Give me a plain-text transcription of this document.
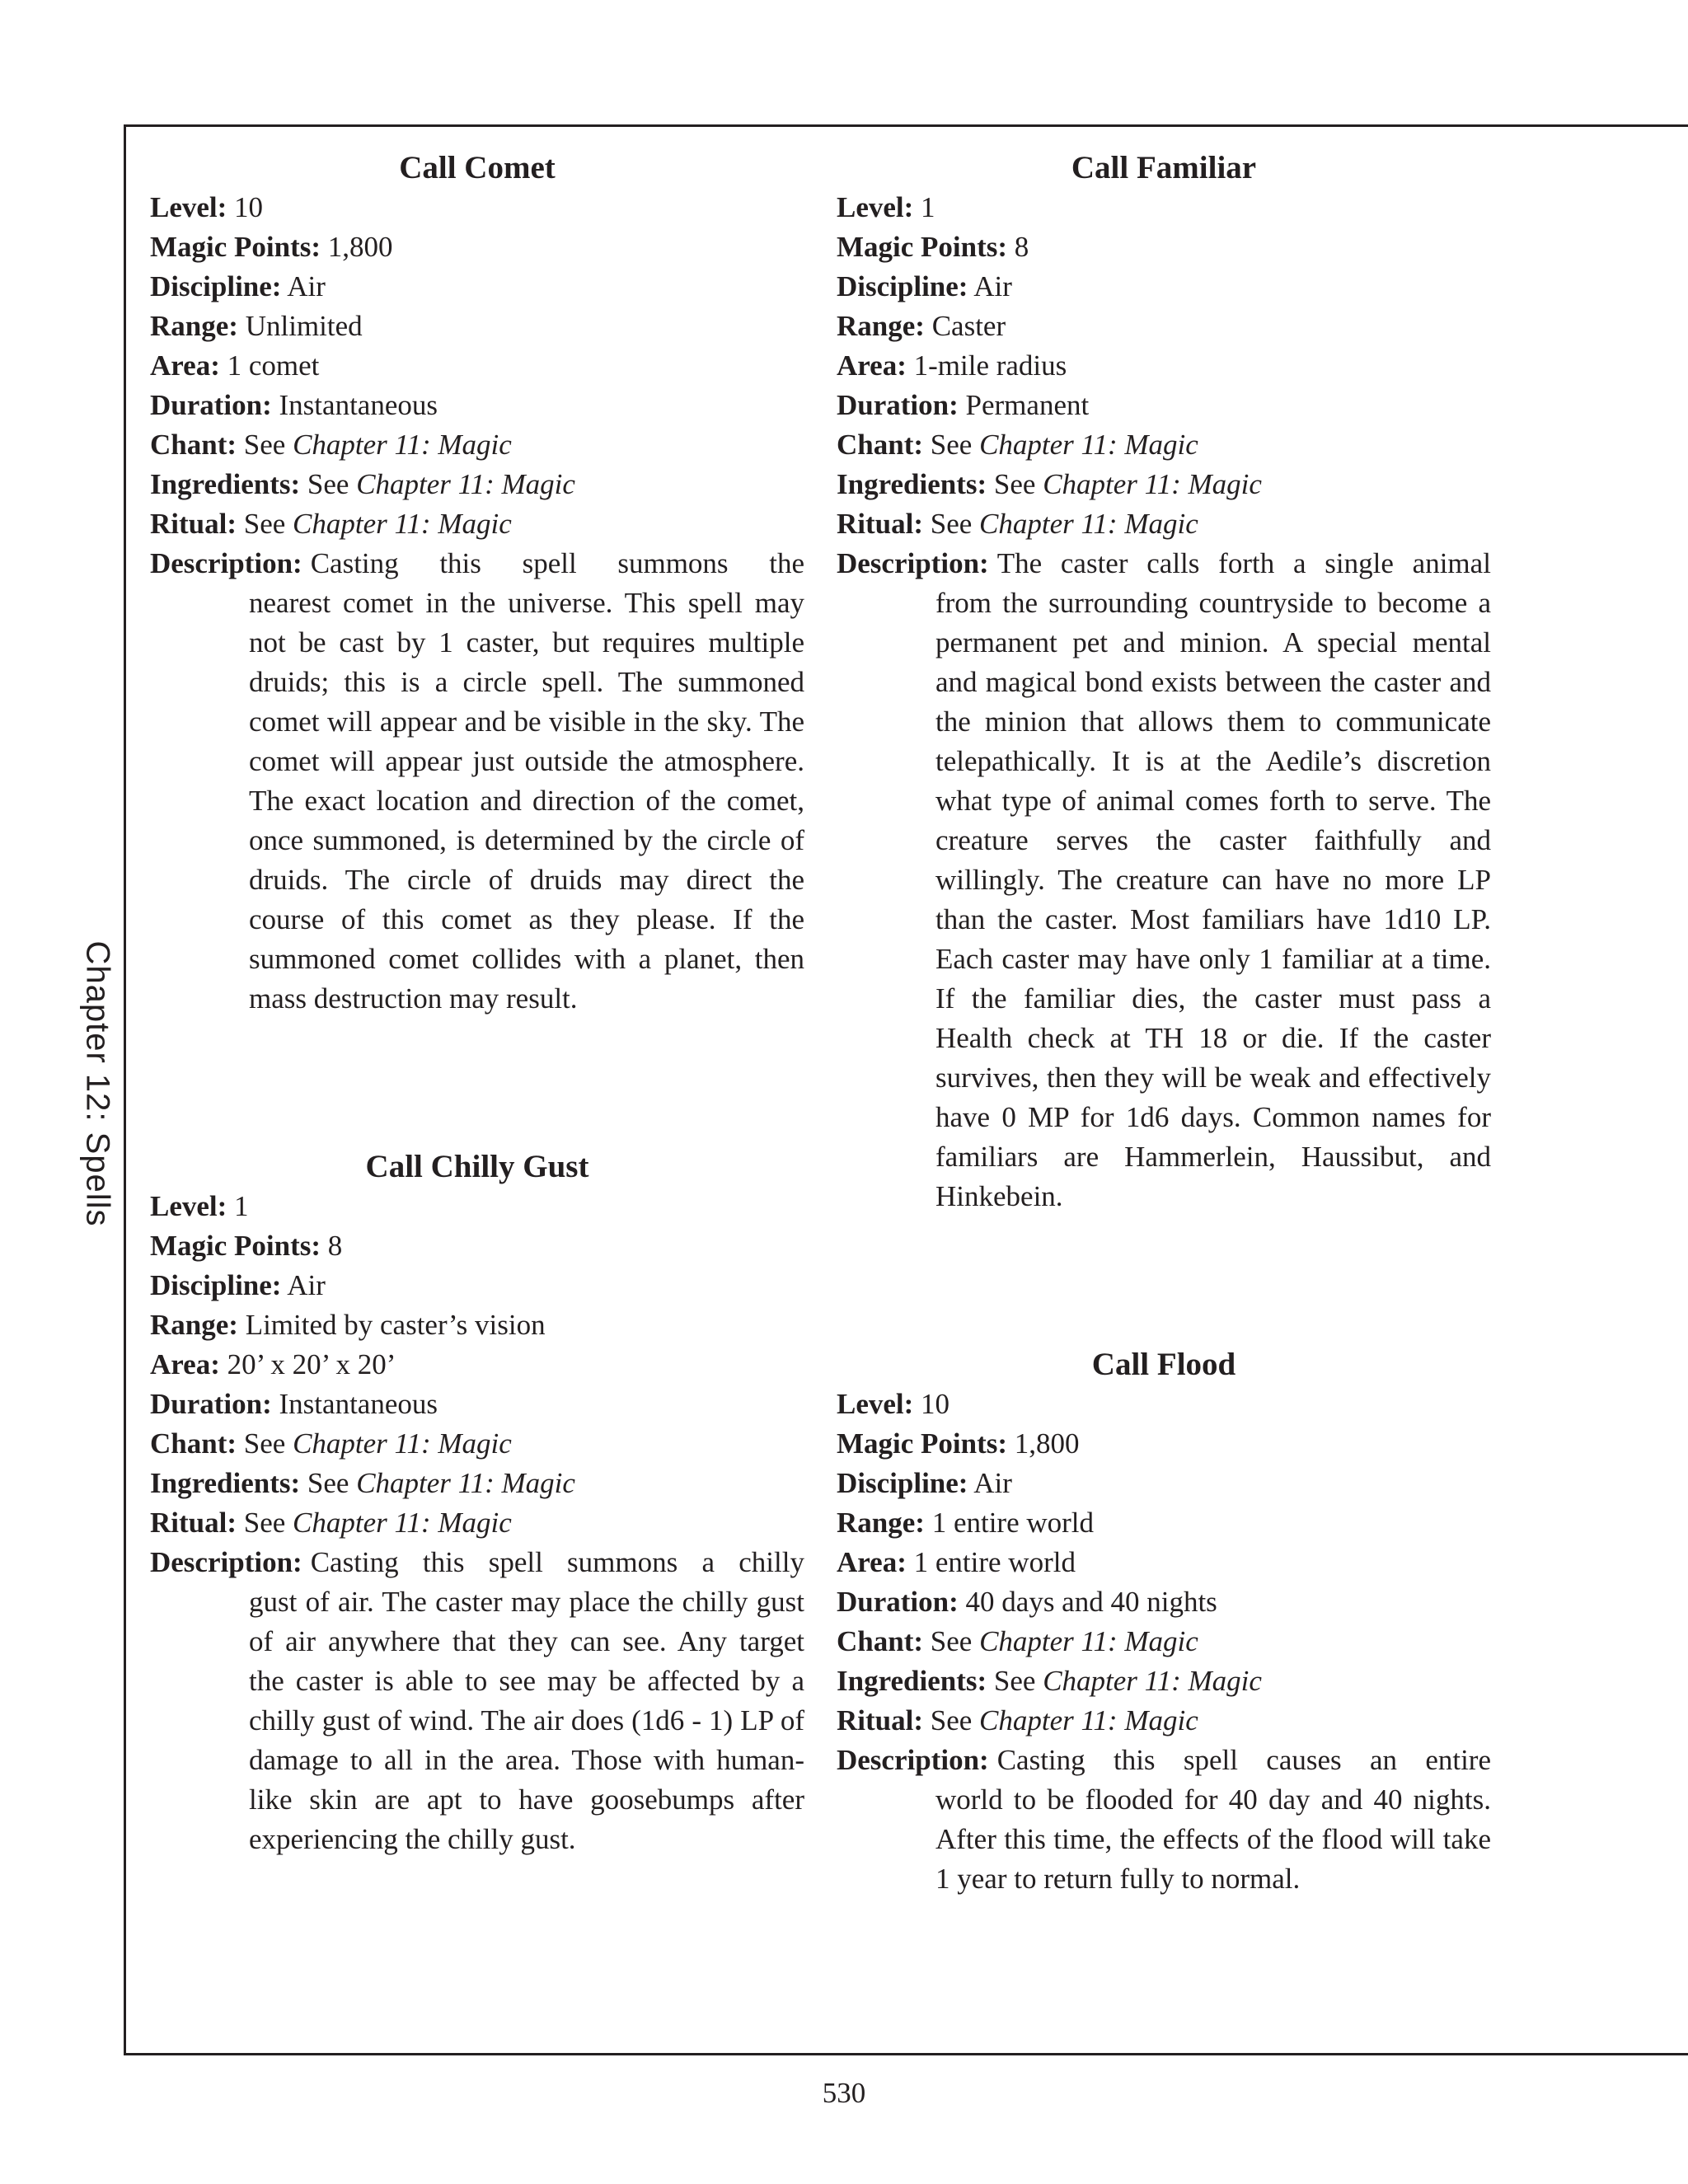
Chapter 12: Spells
Call Comet
Level: 10
Magic Points: 1,800
Discipline: Air
Range: Unlimited
Area: 1 comet
Duration: Instantaneous
Chant: See Chapter 11: Magic
Ingredients: See Chapter 11: Magic
Ritual: See Chapter 11: Magic
Description: Casting this spell summons the
nearest comet in the universe. This spell may not be cast by 1 caster, but requires multiple druids; this is a circle spell. The summoned comet will appear and be visible in the sky. The comet will appear just outside the atmosphere. The exact location and direction of the comet, once summoned, is determined by the circle of druids. The circle of druids may direct the course of this comet as they please. If the summoned comet collides with a planet, then mass destruction may result.
Call Chilly Gust
Level: 1
Magic Points: 8
Discipline: Air
Range: Limited by caster’s vision
Area: 20’ x 20’ x 20’
Duration: Instantaneous
Chant: See Chapter 11: Magic
Ingredients: See Chapter 11: Magic
Ritual: See Chapter 11: Magic
Description: Casting this spell summons a chilly
gust of air. The caster may place the chilly gust of air anywhere that they can see. Any target the caster is able to see may be affected by a chilly gust of wind. The air does (1d6 - 1) LP of damage to all in the area. Those with human-like skin are apt to have goosebumps after experiencing the chilly gust.
Call Familiar
Level: 1
Magic Points: 8
Discipline: Air
Range: Caster
Area: 1-mile radius
Duration: Permanent
Chant: See Chapter 11: Magic
Ingredients: See Chapter 11: Magic
Ritual: See Chapter 11: Magic
Description: The caster calls forth a single animal
from the surrounding countryside to become a permanent pet and minion. A special mental and magical bond exists between the caster and the minion that allows them to communicate telepathically. It is at the Aedile’s discretion what type of animal comes forth to serve. The creature serves the caster faithfully and willingly. The creature can have no more LP than the caster. Most familiars have 1d10 LP. Each caster may have only 1 familiar at a time. If the familiar dies, the caster must pass a Health check at TH 18 or die. If the caster survives, then they will be weak and effectively have 0 MP for 1d6 days. Common names for familiars are Hammerlein, Haussibut, and Hinkebein.
Call Flood
Level: 10
Magic Points: 1,800
Discipline: Air
Range: 1 entire world
Area: 1 entire world
Duration: 40 days and 40 nights
Chant: See Chapter 11: Magic
Ingredients: See Chapter 11: Magic
Ritual: See Chapter 11: Magic
Description: Casting this spell causes an entire
world to be flooded for 40 day and 40 nights. After this time, the effects of the flood will take 1 year to return fully to normal.
530
